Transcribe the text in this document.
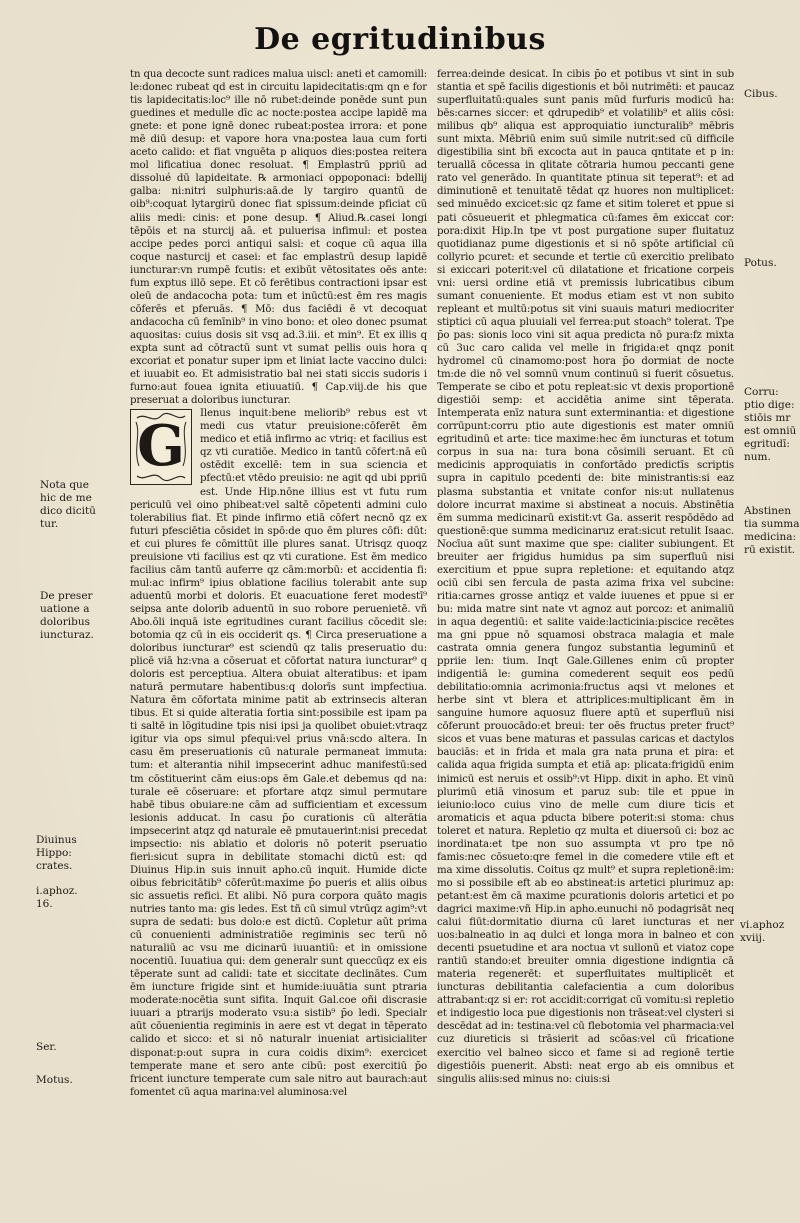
De egritudinibus

tn qua decocte sunt radices malua uiscl: aneti et camomill: le:donec rubeat qd est in circuitu lapidecitatis:qm qn e for tis lapidecitatis:loc⁹ ille nō rubet:deinde ponēde sunt pun guedines et medulle dīc ac nocte:postea accipe lapidē ma gnete: et pone ignē donec rubeat:postea irrora: et pone mē diū desup: et vapore hora vna:postea laua cum forti aceto calido: et fiat vnguēta p aliquos dies:postea reitera mol lificatiua donec resoluat. ¶ Emplastrū ppriū ad dissolué dū lapideitate. ℞ armoniaci oppoponaci: bdellij galba: ni:nitri sulphuris:aā.de ly targiro quantū de oib⁹:coquat lytargirū donec fiat spissum:deinde pficiat cū aliis medi: cinis: et pone desup. ¶ Aliud.℞.casei longi tēpōis et na sturcij aā. et puluerisa infimul: et postea accipe pedes porci antiqui salsi: et coque cū aqua illa coque nasturcij et casei: et fac emplastrū desup lapidē iuncturar:vn rumpē fcutis: et exibūt vētositates oēs ante: fum exptus illō sepe. Et cō ferētibus contractioni ipsar est oleū de andacocha pota: tum et inūctū:est ēm res magis cōferēs et pferuās. ¶ Mō: dus faciēdi ē vt decoquat andacocha cū femīnib⁹ in vino bono: et oleo donec psumat aquositas: cuius dosis sit vsq ad.3.iii. et min⁹. Et ex illis q expta sunt ad cōtractū sunt vt sumat pellis ouis hora q excoriat et ponatur super ipm et liniat lacte vaccino dulci: et iuuabit eo. Et admisistratio bal nei stati siccis sudoris i furno:aut fouea ignita etiuuatiū. ¶ Cap.viij.de his que preseruat a doloribus iuncturar.

G	Ilenus inquit:bene meliorib⁹ rebus est vt medi cus vtatur preuisione:cōferēt ēm medico et etiā infirmo ac vtriq: et facilius est qz vti curatiōe. Medico in tantū cōfert:nā eū ostēdit excellē: tem in sua sciencia et pfectū:et vtēdo preuisio: ne agit qd ubi ppriū est. Unde Hip.nōne illius est vt futu rum periculū vel oino phibeat:vel saltē cōpetenti admini culo tolerabilius fiat. Et pinde infirmo etiā cōfert necnō qz ex futuri pfesciētia cōsidet in spō:de quo ēm plures cōfi: dūt: et cui plures fe cōmittūt ille plures sanat. Utrisqz quoqz preuisione vti facilius est qz vti curatione. Est ēm medico facilius cām tantū auferre qz cām:morbū: et accidentia fi: mul:ac infirm⁹ ipius oblatione facilius tolerabit ante sup aduentū morbi et doloris. Et euacuatione feret modestī⁹ seipsa ante dolorib aduentū in suo robore peruenietē. vñ Abo.ōli inquā iste egritudines curant facilius cōcedit sle: botomia qz cū in eis occiderit qs. ¶ Circa preseruatione a doloribus iuncturar⁹ est sciendū qz talis preseruatio du: plicē viā hz:vna a cōseruat et cōfortat natura iuncturar⁹ q doloris est perceptiua. Altera obuiat alteratibus: et ipam naturā permutare habentibus:q dolorīs sunt impfectiua. Natura ēm cōfortata minime patit ab extrinsecis alteran tibus. Et si quide alteratia fortia sint:possibile est ipam pa ti saltē in lōgitudine tpis nisi ipsi ja quolibet obuiet:vtraqz igitur via ops simul pfequi:vel prius vnā:scdo altera. In casu ēm preseruationis cū naturale permaneat immuta: tum: et alterantia nihil impsecerint adhuc manifestū:sed tm cōstituerint cām eius:ops ēm Gale.et debemus qd na: turale eē cōseruare: et pfortare atqz simul permutare habē tibus obuiare:ne cām ad sufficientiam et excessum lesionis adducat. In casu p̄o curationis cū alterātia impsecerint atqz qd naturale eē pmutauerint:nisi precedat impsectio: nis ablatio et doloris nō poterit pseruatio fieri:sicut supra in debilitate stomachi dictū est: qd Diuinus Hip.in suis innuit apho.cū inquit. Humide dicte oibus febricitātib⁹ cōferūt:maxime p̄o pueris et aliis oibus sic assuetis refici. Et alibi. Nō pura corpora quāto magis nutries tanto ma: gis ledes. Est tñ cū simul vtrūqz agim⁹:vt supra de sedati: bus dolo:e est dictū. Copletur aūt prima cū conuenienti administratiōe regiminis sec terū nō naturaliū ac vsu me dicinarū iuuantiū: et in omissione nocentiū. Iuuatiua qui: dem generalr sunt queccūqz ex eis tēperate sunt ad calidi: tate et siccitate declinātes. Cum ēm iuncture frigide sint et humide:iuuātia sunt ptraria moderate:nocētia sunt sifita. Inquit Gal.coe oñi discrasie iuuari a ptrarijs moderato vsu:a sistib⁹ p̄o ledi. Specialr aūt cōuenientia regiminis in aere est vt degat in tēperato calido et sicco: et si nō naturalr inueniat artisicialiter disponat:p:out supra in cura coidis dixim⁹: exercicet temperate mane et sero ante cibū: post exercitiū p̄o fricent iuncture temperate cum sale nitro aut baurach:aut fomentet cū aqua marina:vel aluminosa:vel

ferrea:deinde desicat. In cibis p̄o et potibus vt sint in sub stantia et spē facilis digestionis et bōi nutrimēti: et paucaz superfluitatū:quales sunt panis mūd furfuris modicū ha: bēs:carnes siccer: et qdrupedib⁹ et volatilib⁹ et aliis cōsi: milibus qb⁹ aliqua est approquiatio iuncturalib⁹ mēbris sunt mixta. Mēbriū enim suū simile nutrit:sed cū difficile digestibilia sint bñ excocta aut in pauca qntitate et p in: teruallā cōcessa in qlitate cōtraria humou peccanti gene rato vel generādo. In quantitate ptinua sit teperat⁹: et ad diminutionē et tenuitatē tēdat qz huores non multiplicet: sed minuēdo excicet:sic qz fame et sitim toleret et ppue si pati cōsueuerit et phlegmatica cū:fames ēm exiccat cor: pora:dixit Hip.In tpe vt post purgatione super fluitatuz quotidianaz pume digestionis et si nō spōte artificial cū collyrio pcuret: et secunde et tertie cū exercitio prelibato si exiccari poterit:vel cū dilatatione et fricatione corpeis vni: uersi ordine etiā vt premissis lubricatibus cibum sumant conueniente. Et modus etiam est vt non subito repleant et multū:potus sit vini suauis maturi mediocriter stiptici cū aqua pluuiali vel ferrea:put stoach⁹ tolerat. Tpe p̄o pas: sionis loco vini sit aqua predicta nō pura:fz mixta cū 3uc caro calida vel melle in frigida:et qnqz ponit hydromel cū cinamomo:post hora p̄o dormiat de nocte tm:de die nō vel somnū vnum continuū si fuerit cōsuetus. Temperate se cibo et potu repleat:sic vt dexis proportionē digestiōi semp: et accidētia anime sint tēperata. Intemperata enīz natura sunt exterminantia: et digestione corrūpunt:corru ptio aute digestionis est mater omniū egritudinū et arte: tice maxime:hec ēm iuncturas et totum corpus in sua na: tura bona cōsimili seruant. Et cū medicinis approquiatis in confortādo predictīs scriptis supra in capitulo pcedenti de: bite ministrantis:si eaz plasma substantia et vnitate confor nis:ut nullatenus dolore incurrat maxime si abstineat a nocuis. Abstinētia ēm summa medicinarū existit:vt Ga. asserit respōdēdo ad questionē:que summa medicinaruz erat:sicut retulit Isaac. Nocīua aūt sunt maxime que spe: cialiter subiungent. Et breuiter aer frigidus humidus pa sim superfluū nisi exercitium et ppue supra repletione: et equitando atqz ociū cibi sen fercula de pasta azima frixa vel subcine: ritia:carnes grosse antiqz et valde iuuenes et ppue si er bu: mida matre sint nate vt agnoz aut porcoz: et animaliū in aqua degentiū: et salite vaide:lacticinia:piscice recētes ma gni ppue nō squamosi obstraca malagia et male castrata omnia genera fungoz substantia leguminū et ppriie len: tium. Inqt Gale.Gillenes enim cū propter indigentiā le: gumina comederent sequit eos pedū debilitatio:omnia acrimonia:fructus aqsi vt melones et herbe sint vt blera et attriplices:multiplicant ēm in sanguine humore aquosuz fluere aptū et superfluū nisi cōferunt prouocādo:et breui: ter oēs fructus preter fruct⁹ sicos et vuas bene maturas et passulas caricas et dactylos bauciās: et in frida et mala gra nata pruna et pira: et calida aqua frigida sumpta et etiā ap: plicata:frigidū enim inimicū est neruis et ossib⁹:vt Hipp. dixit in apho. Et vinū plurimū etiā vinosum et paruz sub: tile et ppue in ieiunio:loco cuius vino de melle cum diure ticis et aromaticis et aqua pducta bibere poterit:si stoma: chus toleret et natura. Repletio qz multa et diuersoū ci: boz ac inordinata:et tpe non suo assumpta vt pro tpe nō famis:nec cōsueto:qre femel in die comedere vtile eft et ma xime dissolutis. Coitus qz mult⁹ et supra repletionē:im: mo si possibile eft ab eo abstineat:is artetici plurimuz ap: petant:est ēm cā maxime pcurationis doloris artetici et po dagrici maxime:vñ Hip.in apho.eunuchi nō podagrisāt neq calui fiūt:dormitatio diurna cū laret iuncturas et ner uos:balneatio in aq dulci et longa mora in balneo et con decenti psuetudine et ara noctua vt sullonū et viatoz cope rantiū stando:et breuiter omnia digestione indigntia cā materia regenerēt: et superfluitates multiplicēt et iuncturas debilitantia calefacientia a cum doloribus attrabant:qz si er: rot accidit:corrigat cū vomitu:si repletio et indigestio loca pue digestionis non trāseat:vel clysteri si descēdat ad in: testina:vel cū flebotomia vel pharmacia:vel cuz diureticis si trāsierit ad scōas:vel cū fricatione exercitio vel balneo sicco et fame si ad regionē tertie digestiōis puenerit. Absti: neat ergo ab eis omnibus et singulis aliis:sed minus no: ciuis:si

Nota que
hic de me
dico dicitū
tur.
De preser
uatione a
doloribus
iuncturaz.
Diuinus
Hippo:
crates.
i.aphoz.
16.
Ser.
Motus.
Cibus.
Potus.
Corru:
ptio dige:
stiōis mr
est omniū
egritudī:
num.
Abstinen
tia summa
medicina:
rū existit.
vi.aphoz
xviij.
